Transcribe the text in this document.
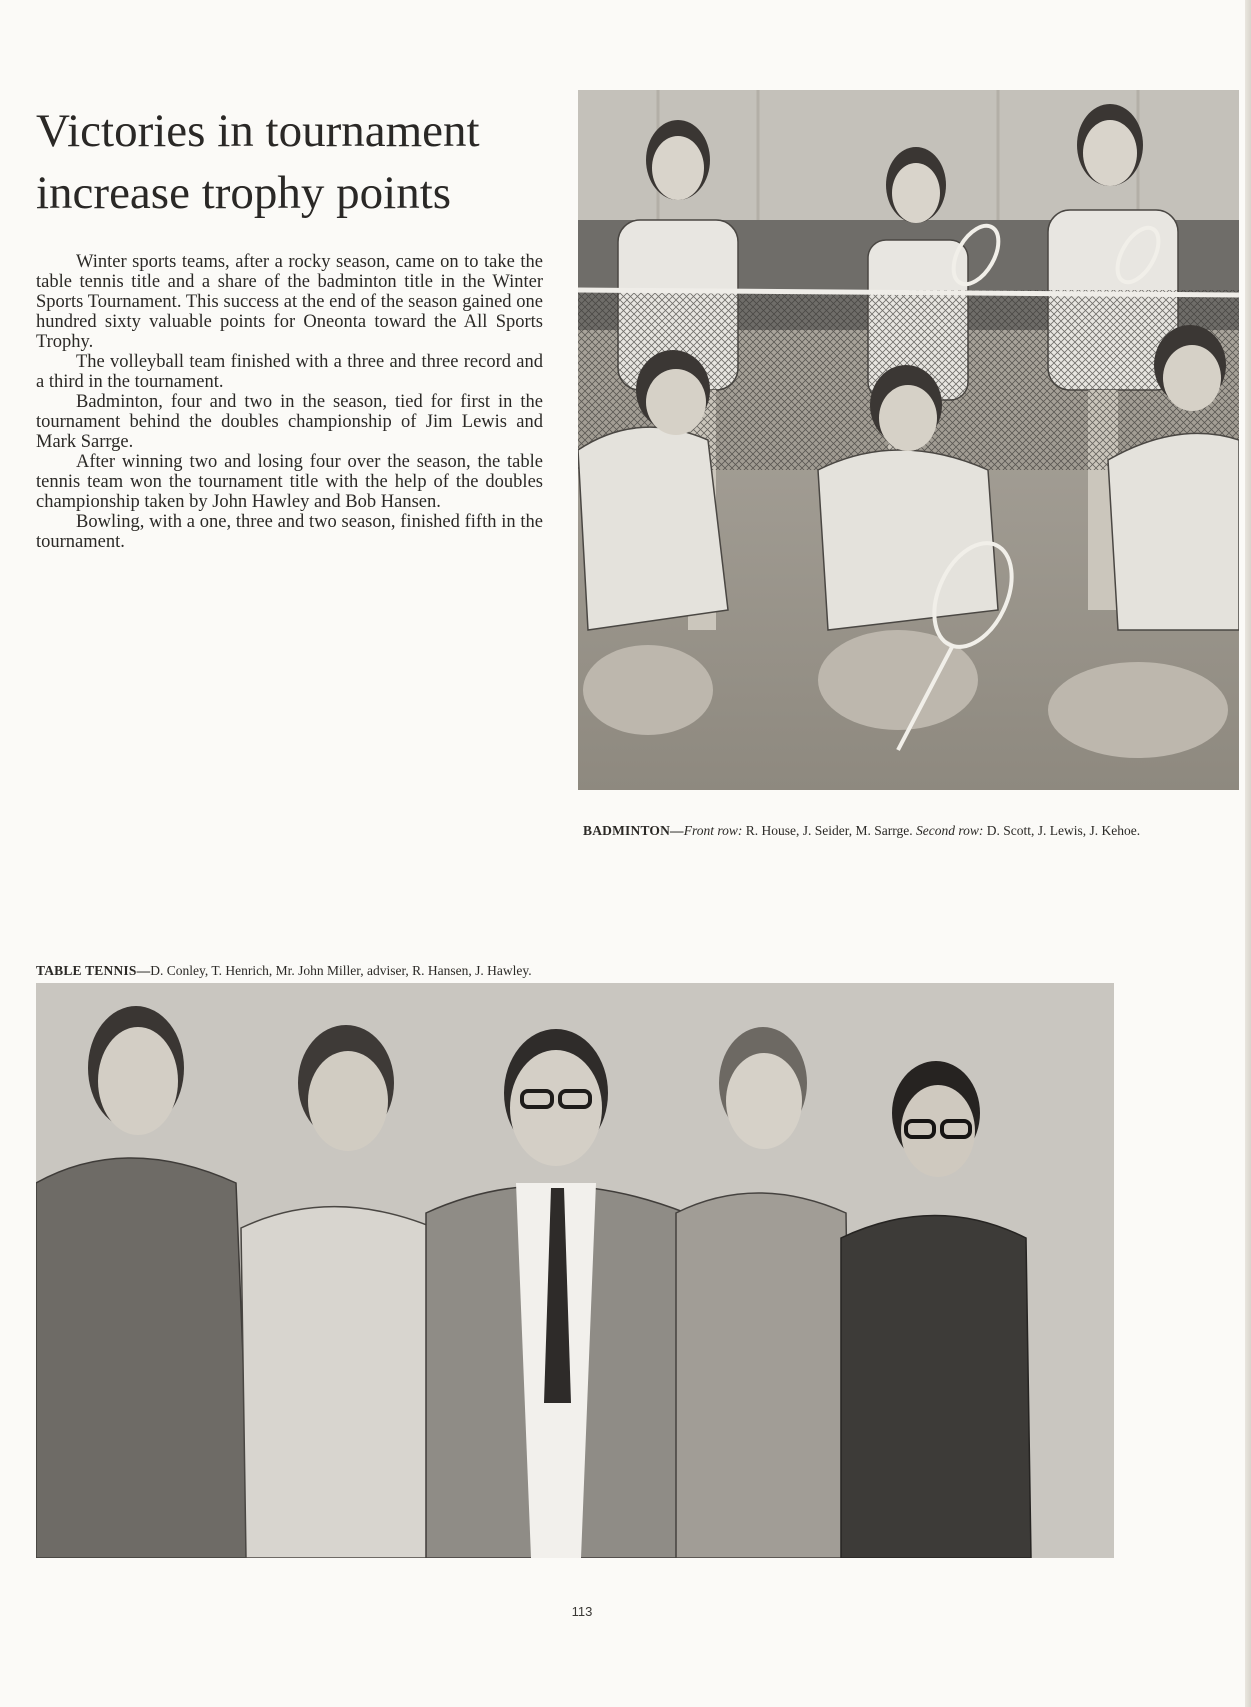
Victories in tournament
increase trophy points

Winter sports teams, after a rocky season, came on to take the table tennis title and a share of the badminton title in the Winter Sports Tournament. This success at the end of the season gained one hundred sixty valuable points for Oneonta toward the All Sports Trophy.

The volleyball team finished with a three and three record and a third in the tournament.

Badminton, four and two in the season, tied for first in the tournament behind the doubles championship of Jim Lewis and Mark Sarrge.

After winning two and losing four over the season, the table tennis team won the tournament title with the help of the doubles championship taken by John Hawley and Bob Hansen.

Bowling, with a one, three and two season, finished fifth in the tournament.

BADMINTON—Front row: R. House, J. Seider, M. Sarrge. Second row: D. Scott, J. Lewis, J. Kehoe.

TABLE TENNIS—D. Conley, T. Henrich, Mr. John Miller, adviser, R. Hansen, J. Hawley.

113
